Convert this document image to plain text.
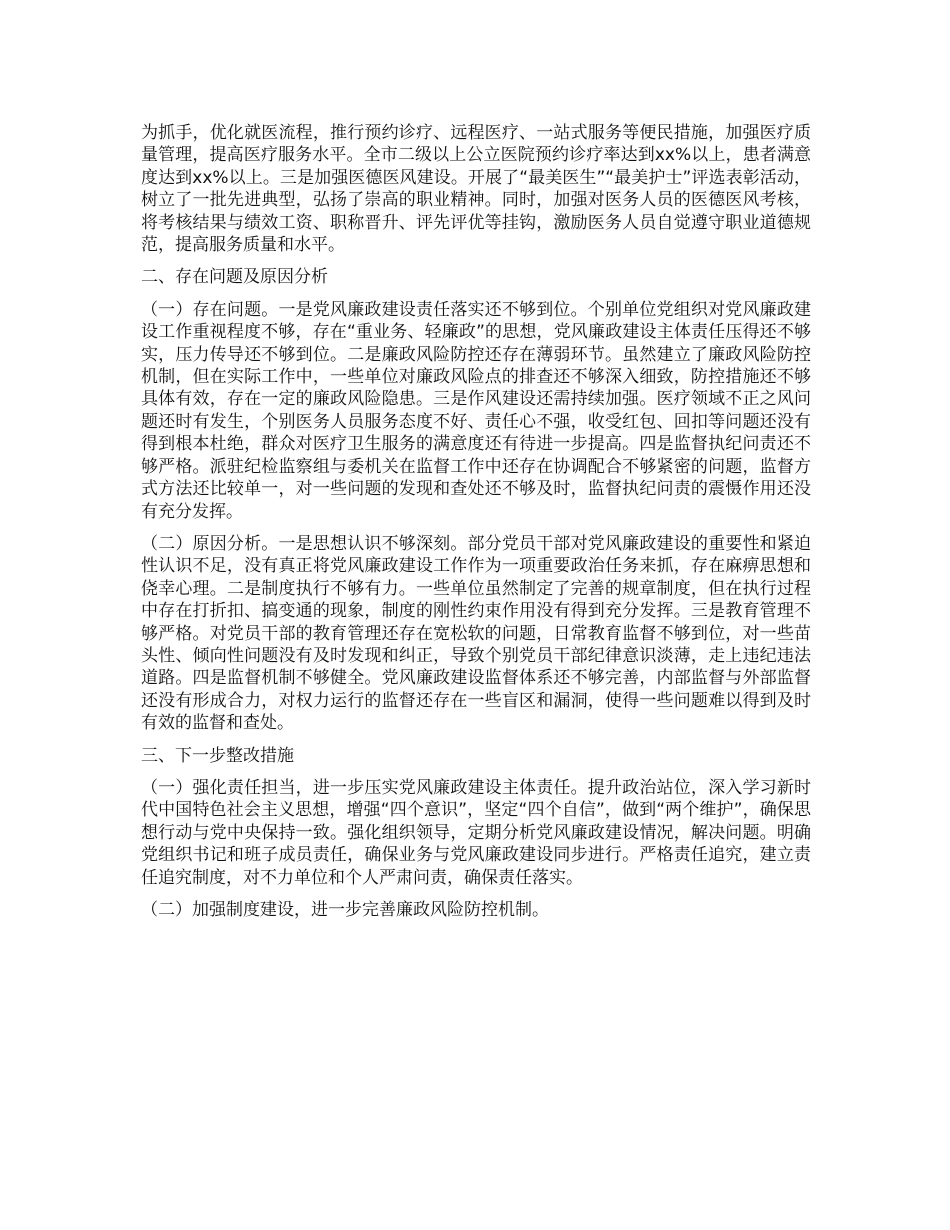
为抓手，优化就医流程，推行预约诊疗、远程医疗、一站式服务等便民措施，加强医疗质量管理，提高医疗服务水平。全市二级以上公立医院预约诊疗率达到xx%以上，患者满意度达到xx%以上。三是加强医德医风建设。开展了“最美医生”“最美护士”评选表彰活动，树立了一批先进典型，弘扬了崇高的职业精神。同时，加强对医务人员的医德医风考核，将考核结果与绩效工资、职称晋升、评先评优等挂钩，激励医务人员自觉遵守职业道德规范，提高服务质量和水平。

二、存在问题及原因分析

（一）存在问题。一是党风廉政建设责任落实还不够到位。个别单位党组织对党风廉政建设工作重视程度不够，存在“重业务、轻廉政”的思想，党风廉政建设主体责任压得还不够实，压力传导还不够到位。二是廉政风险防控还存在薄弱环节。虽然建立了廉政风险防控机制，但在实际工作中，一些单位对廉政风险点的排查还不够深入细致，防控措施还不够具体有效，存在一定的廉政风险隐患。三是作风建设还需持续加强。医疗领域不正之风问题还时有发生，个别医务人员服务态度不好、责任心不强，收受红包、回扣等问题还没有得到根本杜绝，群众对医疗卫生服务的满意度还有待进一步提高。四是监督执纪问责还不够严格。派驻纪检监察组与委机关在监督工作中还存在协调配合不够紧密的问题，监督方式方法还比较单一，对一些问题的发现和查处还不够及时，监督执纪问责的震慑作用还没有充分发挥。

（二）原因分析。一是思想认识不够深刻。部分党员干部对党风廉政建设的重要性和紧迫性认识不足，没有真正将党风廉政建设工作作为一项重要政治任务来抓，存在麻痹思想和侥幸心理。二是制度执行不够有力。一些单位虽然制定了完善的规章制度，但在执行过程中存在打折扣、搞变通的现象，制度的刚性约束作用没有得到充分发挥。三是教育管理不够严格。对党员干部的教育管理还存在宽松软的问题，日常教育监督不够到位，对一些苗头性、倾向性问题没有及时发现和纠正，导致个别党员干部纪律意识淡薄，走上违纪违法道路。四是监督机制不够健全。党风廉政建设监督体系还不够完善，内部监督与外部监督还没有形成合力，对权力运行的监督还存在一些盲区和漏洞，使得一些问题难以得到及时有效的监督和查处。

三、下一步整改措施

（一）强化责任担当，进一步压实党风廉政建设主体责任。提升政治站位，深入学习新时代中国特色社会主义思想，增强“四个意识”，坚定“四个自信”，做到“两个维护”，确保思想行动与党中央保持一致。强化组织领导，定期分析党风廉政建设情况，解决问题。明确党组织书记和班子成员责任，确保业务与党风廉政建设同步进行。严格责任追究，建立责任追究制度，对不力单位和个人严肃问责，确保责任落实。

（二）加强制度建设，进一步完善廉政风险防控机制。
